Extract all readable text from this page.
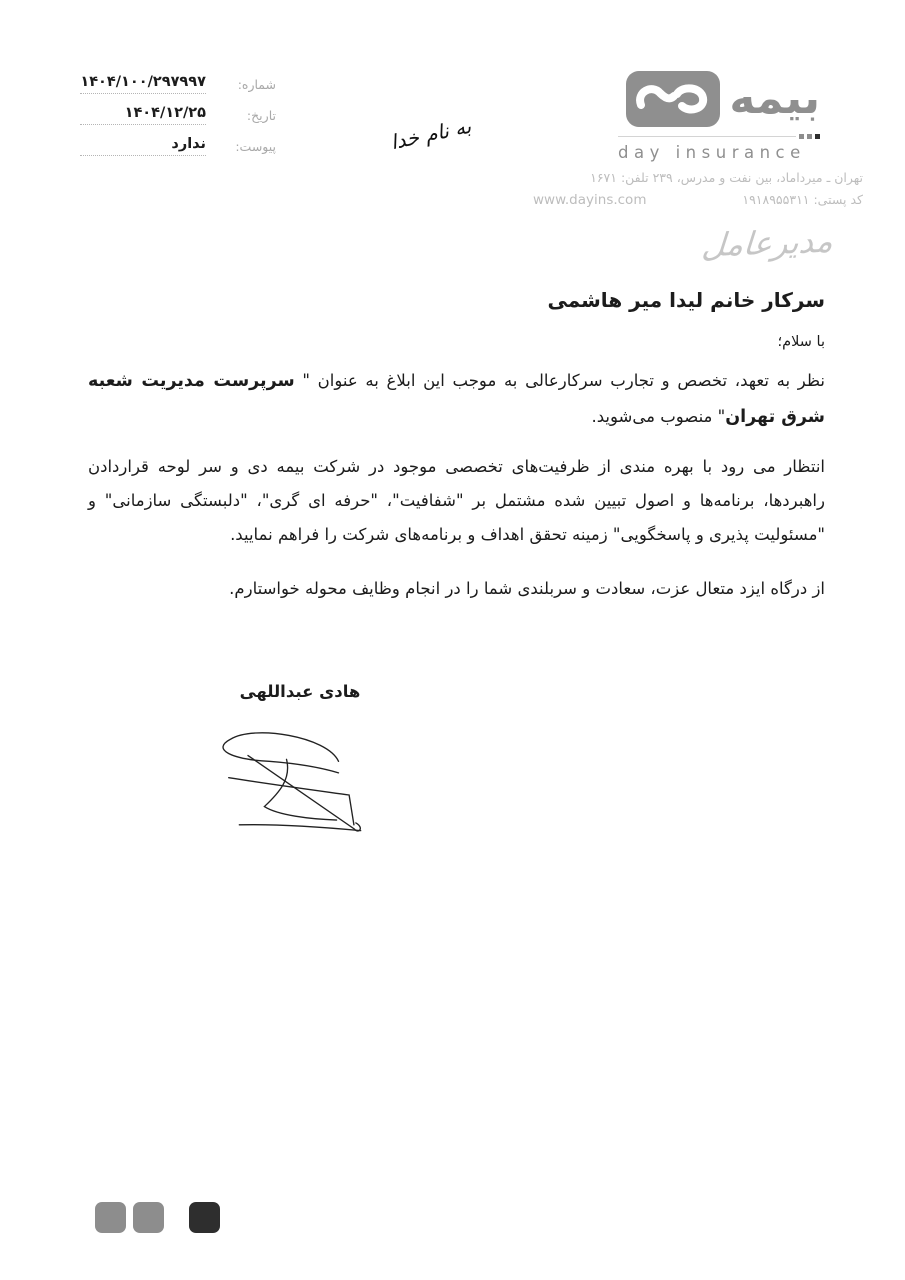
شماره:
۱۴۰۴/۱۰۰/۲۹۷۹۹۷
تاریخ:
۱۴۰۴/۱۲/۲۵
پیوست:
ندارد	به نام خدا
بیمه
day insurance
تهران ـ میرداماد، بین نفت و مدرس، ۲۳۹ تلفن: ۱۶۷۱
کد پستی: ۱۹۱۸۹۵۵۳۱۱
www.dayins.com
مدیرعامل
سرکار خانم لیدا میر هاشمی
با سلام؛

نظر به تعهد، تخصص و تجارب سرکارعالی به موجب این ابلاغ به عنوان " سرپرست مدیریت شعبه شرق تهران" منصوب می‌شوید.

انتظار می رود با بهره مندی از ظرفیت‌های تخصصی موجود در شرکت بیمه دی و سر لوحه قراردادن راهبردها، برنامه‌ها و اصول تبیین شده مشتمل بر "شفافیت"، "حرفه ای گری"، "دلبستگی سازمانی" و "مسئولیت پذیری و پاسخگویی" زمینه تحقق اهداف و برنامه‌های شرکت را فراهم نمایید.

از درگاه ایزد متعال عزت، سعادت و سربلندی شما را در انجام وظایف محوله خواستارم.

هادی عبداللهی
